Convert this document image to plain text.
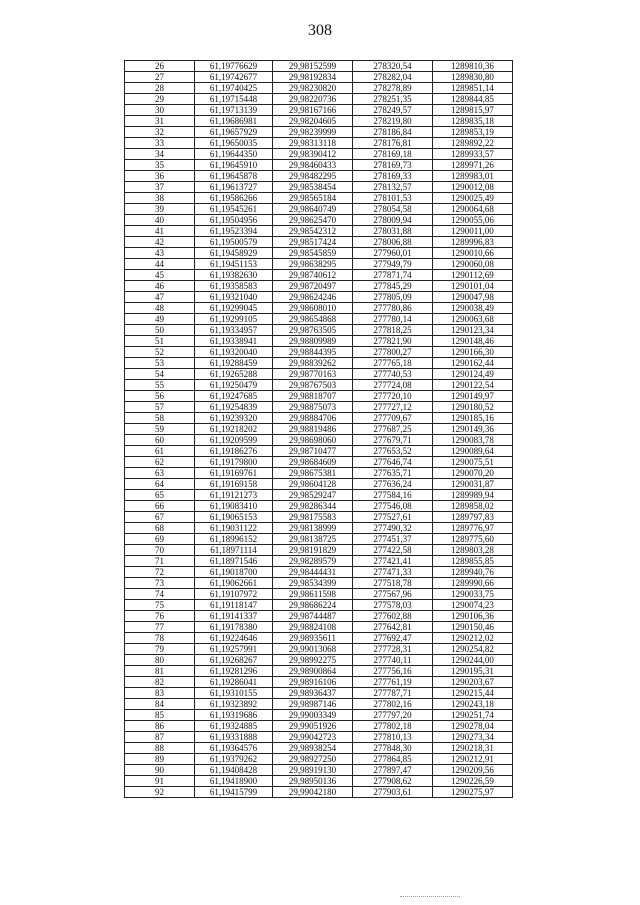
308
26	61,19776629	29,98152599	278320,54	1289810,36
27	61,19742677	29,98192834	278282,04	1289830,80
28	61,19740425	29,98230820	278278,89	1289851,14
29	61,19715448	29,98220736	278251,35	1289844,85
30	61,19713139	29,98167166	278249,57	1289815,97
31	61,19686981	29,98204605	278219,80	1289835,18
32	61,19657929	29,98239999	278186,84	1289853,19
33	61,19650035	29,98313118	278176,81	1289892,22
34	61,19644350	29,98390412	278169,18	1289933,57
35	61,19645910	29,98460433	278169,73	1289971,26
36	61,19645878	29,98482295	278169,33	1289983,01
37	61,19613727	29,98538454	278132,57	1290012,08
38	61,19586266	29,98565184	278101,53	1290025,49
39	61,19545261	29,98640749	278054,58	1290064,68
40	61,19504956	29,98625470	278009,94	1290055,06
41	61,19523394	29,98542312	278031,88	1290011,00
42	61,19500579	29,98517424	278006,88	1289996,83
43	61,19458929	29,98545859	277960,01	1290010,66
44	61,19451153	29,98638295	277949,79	1290060,08
45	61,19382630	29,98740612	277871,74	1290112,69
46	61,19358583	29,98720497	277845,29	1290101,04
47	61,19321040	29,98624246	277805,09	1290047,98
48	61,19299045	29,98608010	277780,86	1290038,49
49	61,19299105	29,98654868	277780,14	1290063,68
50	61,19334957	29,98763505	277818,25	1290123,34
51	61,19338941	29,98809989	277821,90	1290148,46
52	61,19320040	29,98844395	277800,27	1290166,30
53	61,19288459	29,98839262	277765,18	1290162,44
54	61,19265288	29,98770163	277740,53	1290124,49
55	61,19250479	29,98767503	277724,08	1290122,54
56	61,19247685	29,98818707	277720,10	1290149,97
57	61,19254839	29,98875073	277727,12	1290180,52
58	61,19239320	29,98884706	277709,67	1290185,16
59	61,19218202	29,98819486	277687,25	1290149,36
60	61,19209599	29,98698060	277679,71	1290083,78
61	61,19186276	29,98710477	277653,52	1290089,64
62	61,19179800	29,98684609	277646,74	1290075,51
63	61,19169761	29,98675381	277635,71	1290070,20
64	61,19169158	29,98604128	277636,24	1290031,87
65	61,19121273	29,98529247	277584,16	1289989,94
66	61,19083410	29,98286344	277546,08	1289858,02
67	61,19065153	29,98175583	277527,61	1289797,83
68	61,19031122	29,98138999	277490,32	1289776,97
69	61,18996152	29,98138725	277451,37	1289775,60
70	61,18971114	29,98191829	277422,58	1289803,28
71	61,18971546	29,98289579	277421,41	1289855,85
72	61,19018700	29,98444431	277471,33	1289940,76
73	61,19062661	29,98534399	277518,78	1289990,66
74	61,19107972	29,98611598	277567,96	1290033,75
75	61,19118147	29,98686224	277578,03	1290074,23
76	61,19141337	29,98744487	277602,88	1290106,36
77	61,19178380	29,98824108	277642,81	1290150,46
78	61,19224646	29,98935611	277692,47	1290212,02
79	61,19257991	29,99013068	277728,31	1290254,82
80	61,19268267	29,98992275	277740,11	1290244,00
81	61,19281296	29,98900864	277756,16	1290195,31
82	61,19286041	29,98916106	277761,19	1290203,67
83	61,19310155	29,98936437	277787,71	1290215,44
84	61,19323892	29,98987146	277802,16	1290243,18
85	61,19319686	29,99003349	277797,20	1290251,74
86	61,19324885	29,99051926	277802,18	1290278,04
87	61,19331888	29,99042723	277810,13	1290273,34
88	61,19364576	29,98938254	277848,30	1290218,31
89	61,19379262	29,98927250	277864,85	1290212,91
90	61,19408428	29,98919130	277897,47	1290209,56
91	61,19418900	29,98950136	277908,62	1290226,59
92	61,19415799	29,99042180	277903,61	1290275,97
